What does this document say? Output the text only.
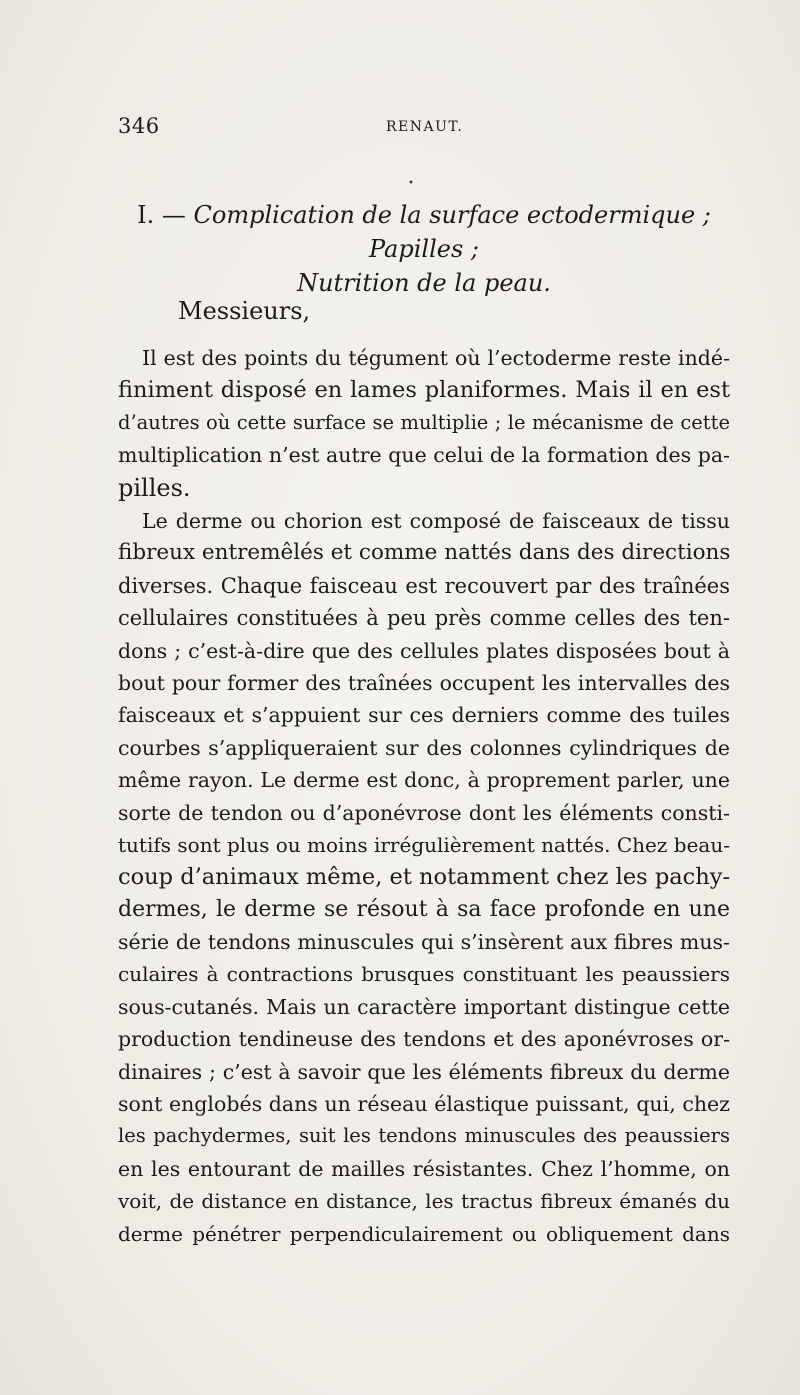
346	RENAUT.
•
I. — Complication de la surface ectodermique ; Papilles ;
Nutrition de la peau.
Messieurs,
Il est des points du tégument où l’ectoderme reste indé-
finiment disposé en lames planiformes. Mais il en est
d’autres où cette surface se multiplie ; le mécanisme de cette
multiplication n’est autre que celui de la formation des pa-
pilles.
Le derme ou chorion est composé de faisceaux de tissu
fibreux entremêlés et comme nattés dans des directions
diverses. Chaque faisceau est recouvert par des traînées
cellulaires constituées à peu près comme celles des ten-
dons ; c’est-à-dire que des cellules plates disposées bout à
bout pour former des traînées occupent les intervalles des
faisceaux et s’appuient sur ces derniers comme des tuiles
courbes s’appliqueraient sur des colonnes cylindriques de
même rayon. Le derme est donc, à proprement parler, une
sorte de tendon ou d’aponévrose dont les éléments consti-
tutifs sont plus ou moins irrégulièrement nattés. Chez beau-
coup d’animaux même, et notamment chez les pachy-
dermes, le derme se résout à sa face profonde en une
série de tendons minuscules qui s’insèrent aux fibres mus-
culaires à contractions brusques constituant les peaussiers
sous-cutanés. Mais un caractère important distingue cette
production tendineuse des tendons et des aponévroses or-
dinaires ; c’est à savoir que les éléments fibreux du derme
sont englobés dans un réseau élastique puissant, qui, chez
les pachydermes, suit les tendons minuscules des peaussiers
en les entourant de mailles résistantes. Chez l’homme, on
voit, de distance en distance, les tractus fibreux émanés du
derme pénétrer perpendiculairement ou obliquement dans
